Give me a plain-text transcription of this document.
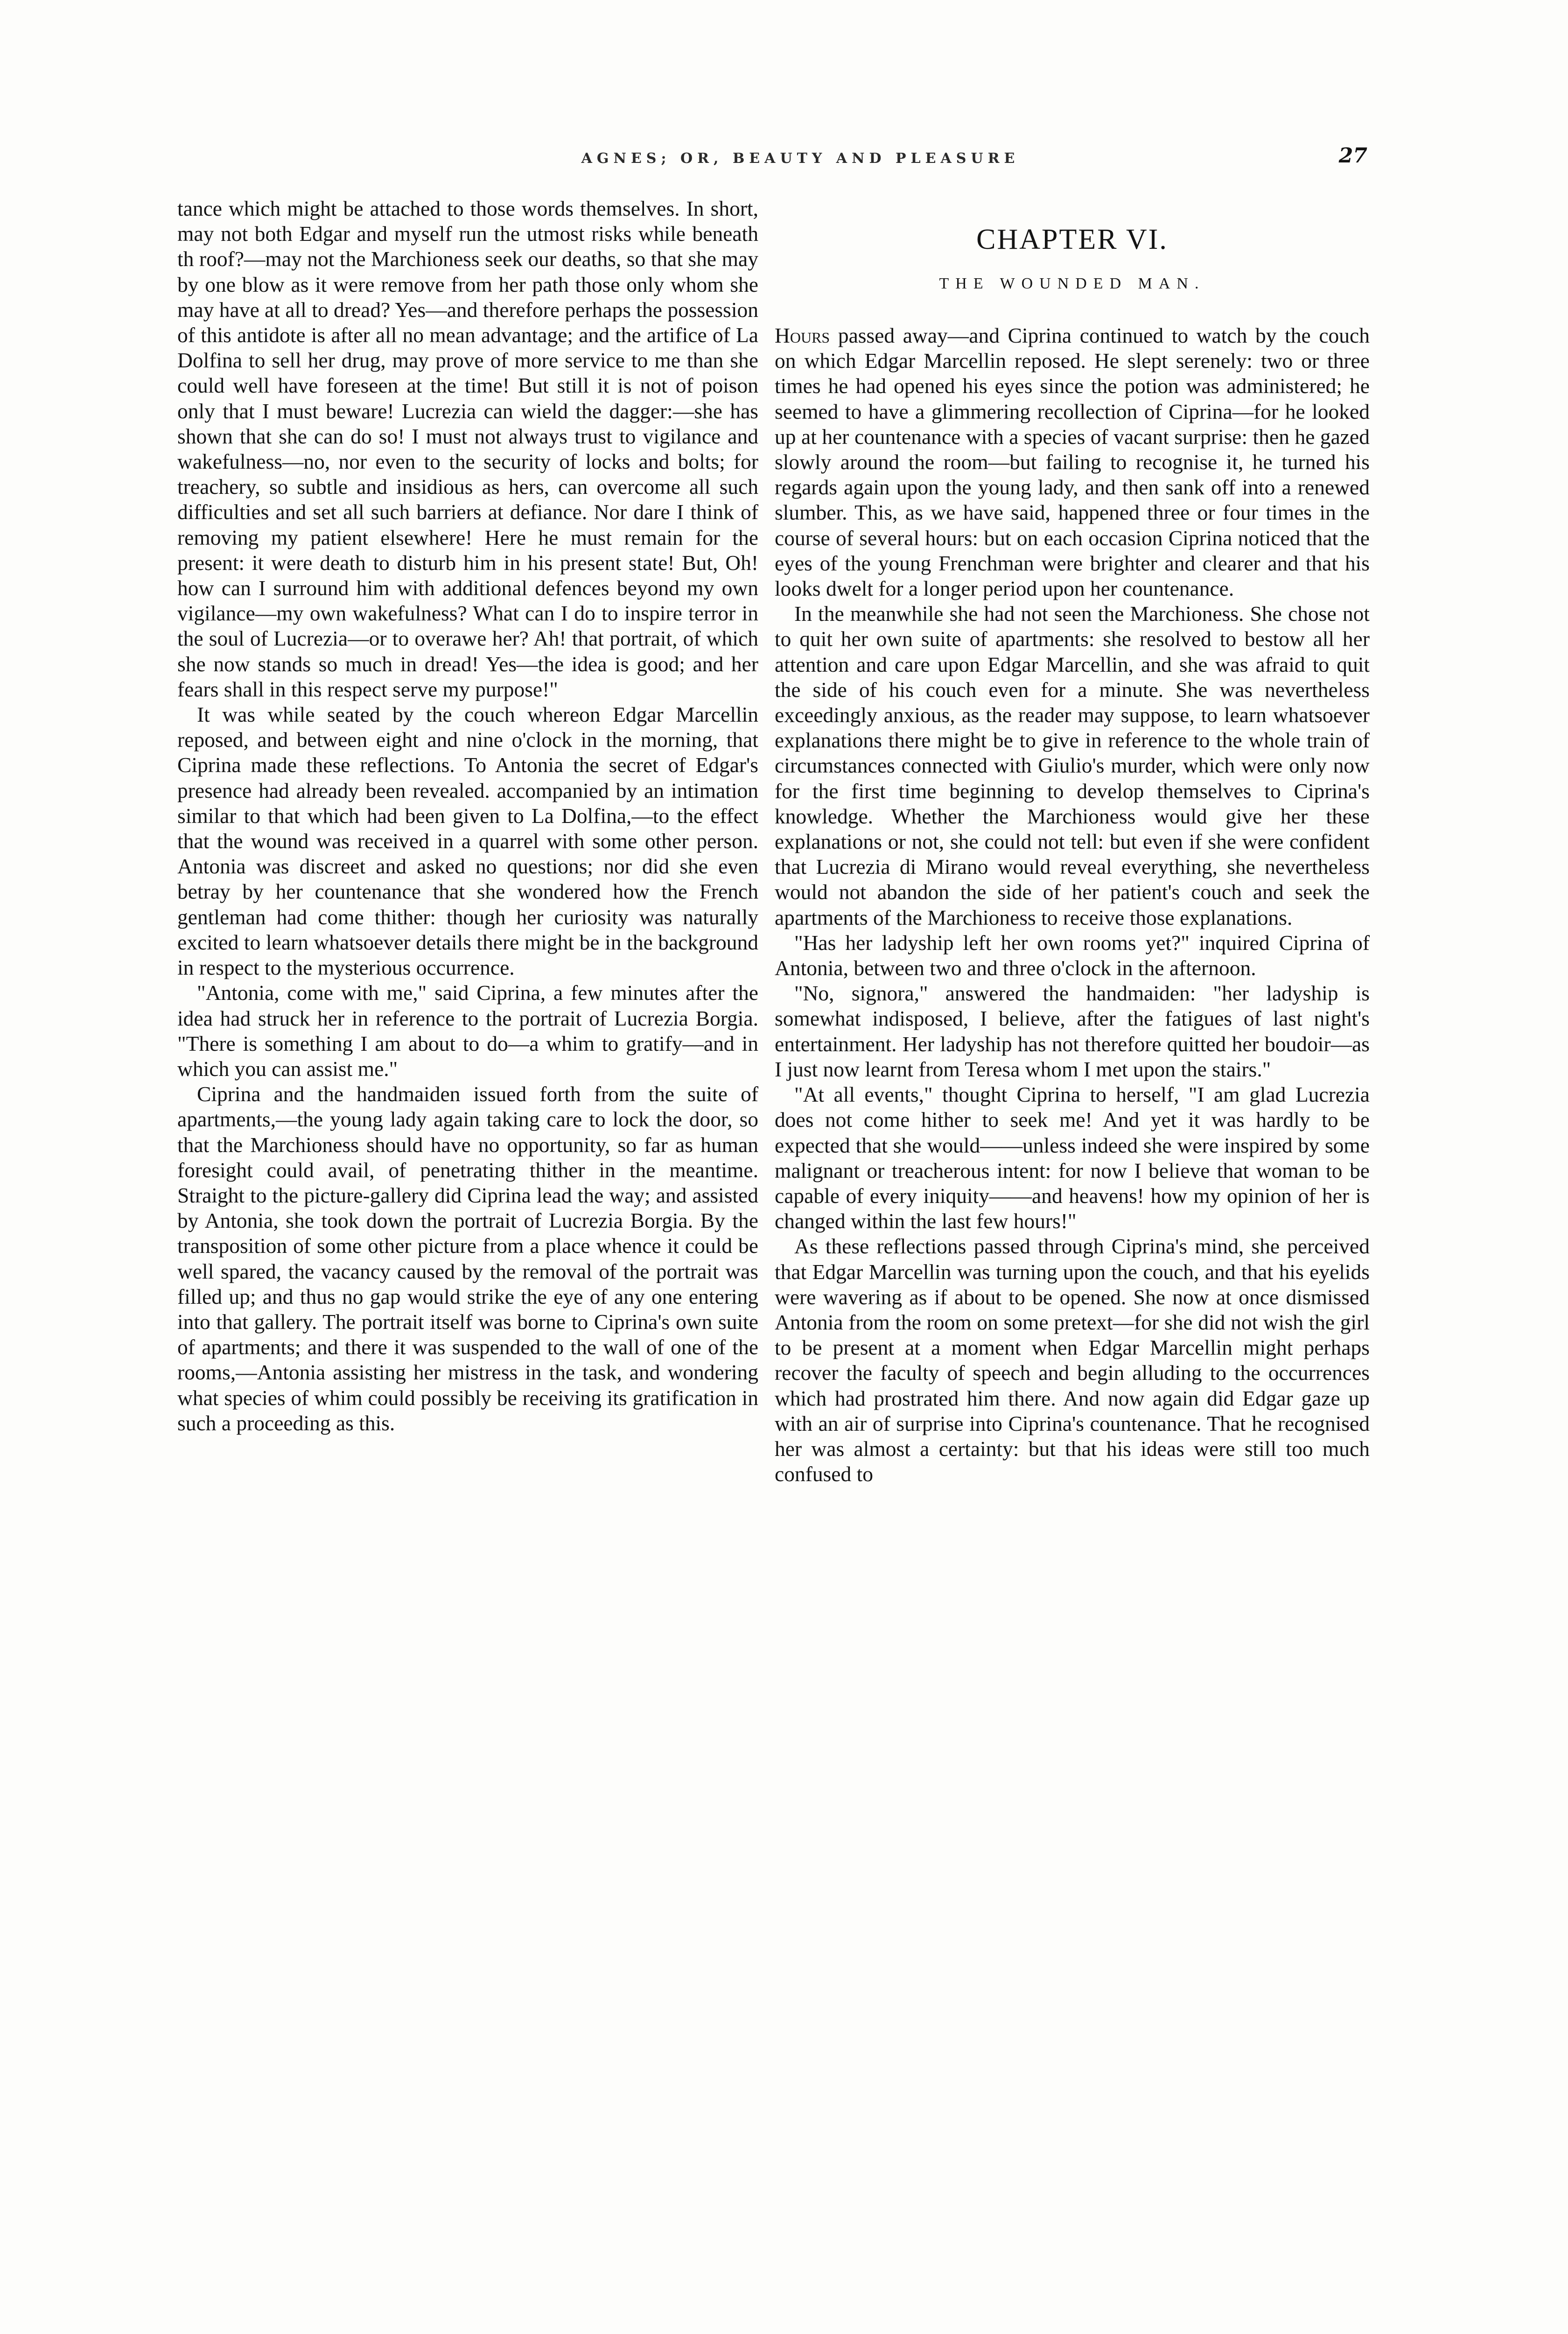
AGNES; OR, BEAUTY AND PLEASURE	27

tance which might be attached to those words themselves. In short, may not both Edgar and myself run the utmost risks while beneath th roof?—may not the Marchioness seek our deaths, so that she may by one blow as it were remove from her path those only whom she may have at all to dread? Yes—and therefore perhaps the possession of this antidote is after all no mean advantage; and the artifice of La Dolfina to sell her drug, may prove of more service to me than she could well have foreseen at the time! But still it is not of poison only that I must beware! Lucrezia can wield the dagger:—she has shown that she can do so! I must not always trust to vigilance and wakefulness—no, nor even to the security of locks and bolts; for treachery, so subtle and insidious as hers, can overcome all such difficulties and set all such barriers at defiance. Nor dare I think of removing my patient elsewhere! Here he must remain for the present: it were death to disturb him in his present state! But, Oh! how can I surround him with additional defences beyond my own vigilance—my own wakefulness? What can I do to inspire terror in the soul of Lucrezia—or to overawe her? Ah! that portrait, of which she now stands so much in dread! Yes—the idea is good; and her fears shall in this respect serve my purpose!"

It was while seated by the couch whereon Edgar Marcellin reposed, and between eight and nine o'clock in the morning, that Ciprina made these reflections. To Antonia the secret of Edgar's presence had already been revealed. accompanied by an intimation similar to that which had been given to La Dolfina,—to the effect that the wound was received in a quarrel with some other person. Antonia was discreet and asked no questions; nor did she even betray by her countenance that she wondered how the French gentleman had come thither: though her curiosity was naturally excited to learn whatsoever details there might be in the background in respect to the mysterious occurrence.

"Antonia, come with me," said Ciprina, a few minutes after the idea had struck her in reference to the portrait of Lucrezia Borgia. "There is something I am about to do—a whim to gratify—and in which you can assist me."

Ciprina and the handmaiden issued forth from the suite of apartments,—the young lady again taking care to lock the door, so that the Marchioness should have no opportunity, so far as human foresight could avail, of penetrating thither in the meantime. Straight to the picture-gallery did Ciprina lead the way; and assisted by Antonia, she took down the portrait of Lucrezia Borgia. By the transposition of some other picture from a place whence it could be well spared, the vacancy caused by the removal of the portrait was filled up; and thus no gap would strike the eye of any one entering into that gallery. The portrait itself was borne to Ciprina's own suite of apartments; and there it was suspended to the wall of one of the rooms,—Antonia assisting her mistress in the task, and wondering what species of whim could possibly be receiving its gratification in such a proceeding as this.

CHAPTER VI.
THE WOUNDED MAN.

Hours passed away—and Ciprina continued to watch by the couch on which Edgar Marcellin reposed. He slept serenely: two or three times he had opened his eyes since the potion was administered; he seemed to have a glimmering recollection of Ciprina—for he looked up at her countenance with a species of vacant surprise: then he gazed slowly around the room—but failing to recognise it, he turned his regards again upon the young lady, and then sank off into a renewed slumber. This, as we have said, happened three or four times in the course of several hours: but on each occasion Ciprina noticed that the eyes of the young Frenchman were brighter and clearer and that his looks dwelt for a longer period upon her countenance.

In the meanwhile she had not seen the Marchioness. She chose not to quit her own suite of apartments: she resolved to bestow all her attention and care upon Edgar Marcellin, and she was afraid to quit the side of his couch even for a minute. She was nevertheless exceedingly anxious, as the reader may suppose, to learn whatsoever explanations there might be to give in reference to the whole train of circumstances connected with Giulio's murder, which were only now for the first time beginning to develop themselves to Ciprina's knowledge. Whether the Marchioness would give her these explanations or not, she could not tell: but even if she were confident that Lucrezia di Mirano would reveal everything, she nevertheless would not abandon the side of her patient's couch and seek the apartments of the Marchioness to receive those explanations.

"Has her ladyship left her own rooms yet?" inquired Ciprina of Antonia, between two and three o'clock in the afternoon.

"No, signora," answered the handmaiden: "her ladyship is somewhat indisposed, I believe, after the fatigues of last night's entertainment. Her ladyship has not therefore quitted her boudoir—as I just now learnt from Teresa whom I met upon the stairs."

"At all events," thought Ciprina to herself, "I am glad Lucrezia does not come hither to seek me! And yet it was hardly to be expected that she would——unless indeed she were inspired by some malignant or treacherous intent: for now I believe that woman to be capable of every iniquity——and heavens! how my opinion of her is changed within the last few hours!"

As these reflections passed through Ciprina's mind, she perceived that Edgar Marcellin was turning upon the couch, and that his eyelids were wavering as if about to be opened. She now at once dismissed Antonia from the room on some pretext—for she did not wish the girl to be present at a moment when Edgar Marcellin might perhaps recover the faculty of speech and begin alluding to the occurrences which had prostrated him there. And now again did Edgar gaze up with an air of surprise into Ciprina's countenance. That he recognised her was almost a certainty: but that his ideas were still too much confused to
